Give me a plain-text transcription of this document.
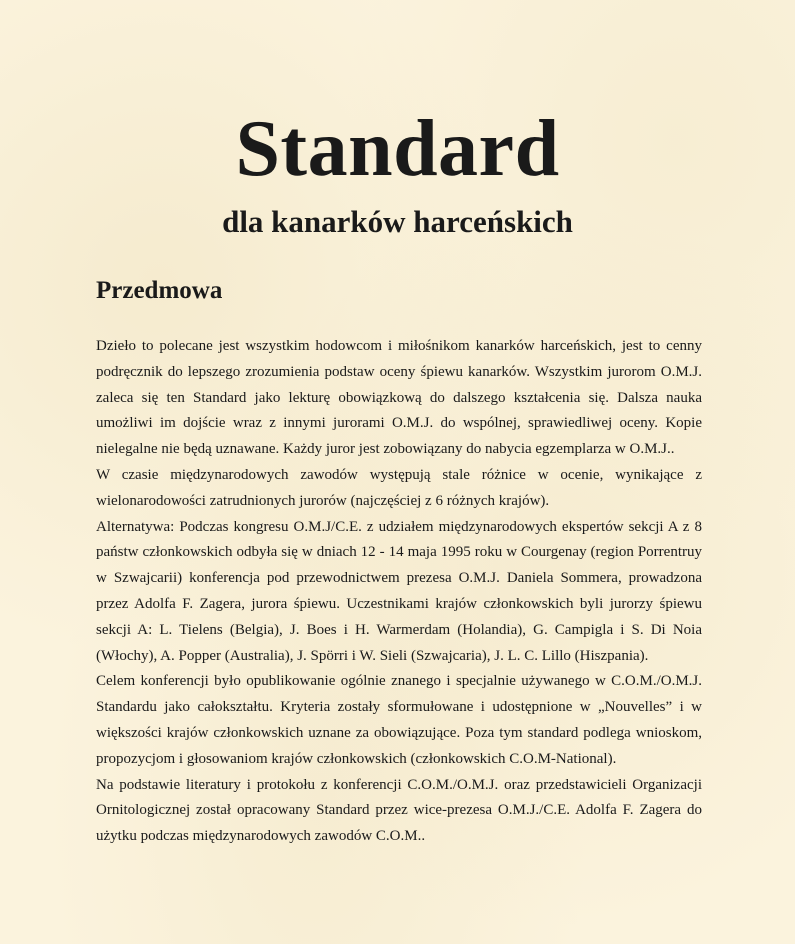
Standard
dla kanarków harceńskich
Przedmowa

Dzieło to polecane jest wszystkim hodowcom i miłośnikom kanarków harceńskich, jest to cenny podręcznik do lepszego zrozumienia podstaw oceny śpiewu kanarków. Wszystkim jurorom O.M.J. zaleca się ten Standard jako lekturę obowiązkową do dalszego kształcenia się. Dalsza nauka umożliwi im dojście wraz z innymi jurorami O.M.J. do wspólnej, sprawiedliwej oceny. Kopie nielegalne nie będą uznawane. Każdy juror jest zobowiązany do nabycia egzemplarza w O.M.J..

W czasie międzynarodowych zawodów występują stale różnice w ocenie, wynikające z wielonarodowości zatrudnionych jurorów (najczęściej z 6 różnych krajów).

Alternatywa: Podczas kongresu O.M.J/C.E. z udziałem międzynarodowych ekspertów sekcji A z 8 państw członkowskich odbyła się w dniach 12 - 14 maja 1995 roku w Courgenay (region Porrentruy w Szwajcarii) konferencja pod przewodnictwem prezesa O.M.J. Daniela Sommera, prowadzona przez Adolfa F. Zagera, jurora śpiewu. Uczestnikami krajów członkowskich byli jurorzy śpiewu sekcji A: L. Tielens (Belgia), J. Boes i H. Warmerdam (Holandia), G. Campigla i S. Di Noia (Włochy), A. Popper (Australia), J. Spörri i W. Sieli (Szwajcaria), J. L. C. Lillo (Hiszpania).

Celem konferencji było opublikowanie ogólnie znanego i specjalnie używanego w C.O.M./O.M.J. Standardu jako całokształtu. Kryteria zostały sformułowane i udostępnione w „Nouvelles” i w większości krajów członkowskich uznane za obowiązujące. Poza tym standard podlega wnioskom, propozycjom i głosowaniom krajów członkowskich (członkowskich C.O.M-National).

Na podstawie literatury i protokołu z konferencji C.O.M./O.M.J. oraz przedstawicieli Organizacji Ornitologicznej został opracowany Standard przez wice-prezesa O.M.J./C.E. Adolfa F. Zagera do użytku podczas międzynarodowych zawodów C.O.M..
